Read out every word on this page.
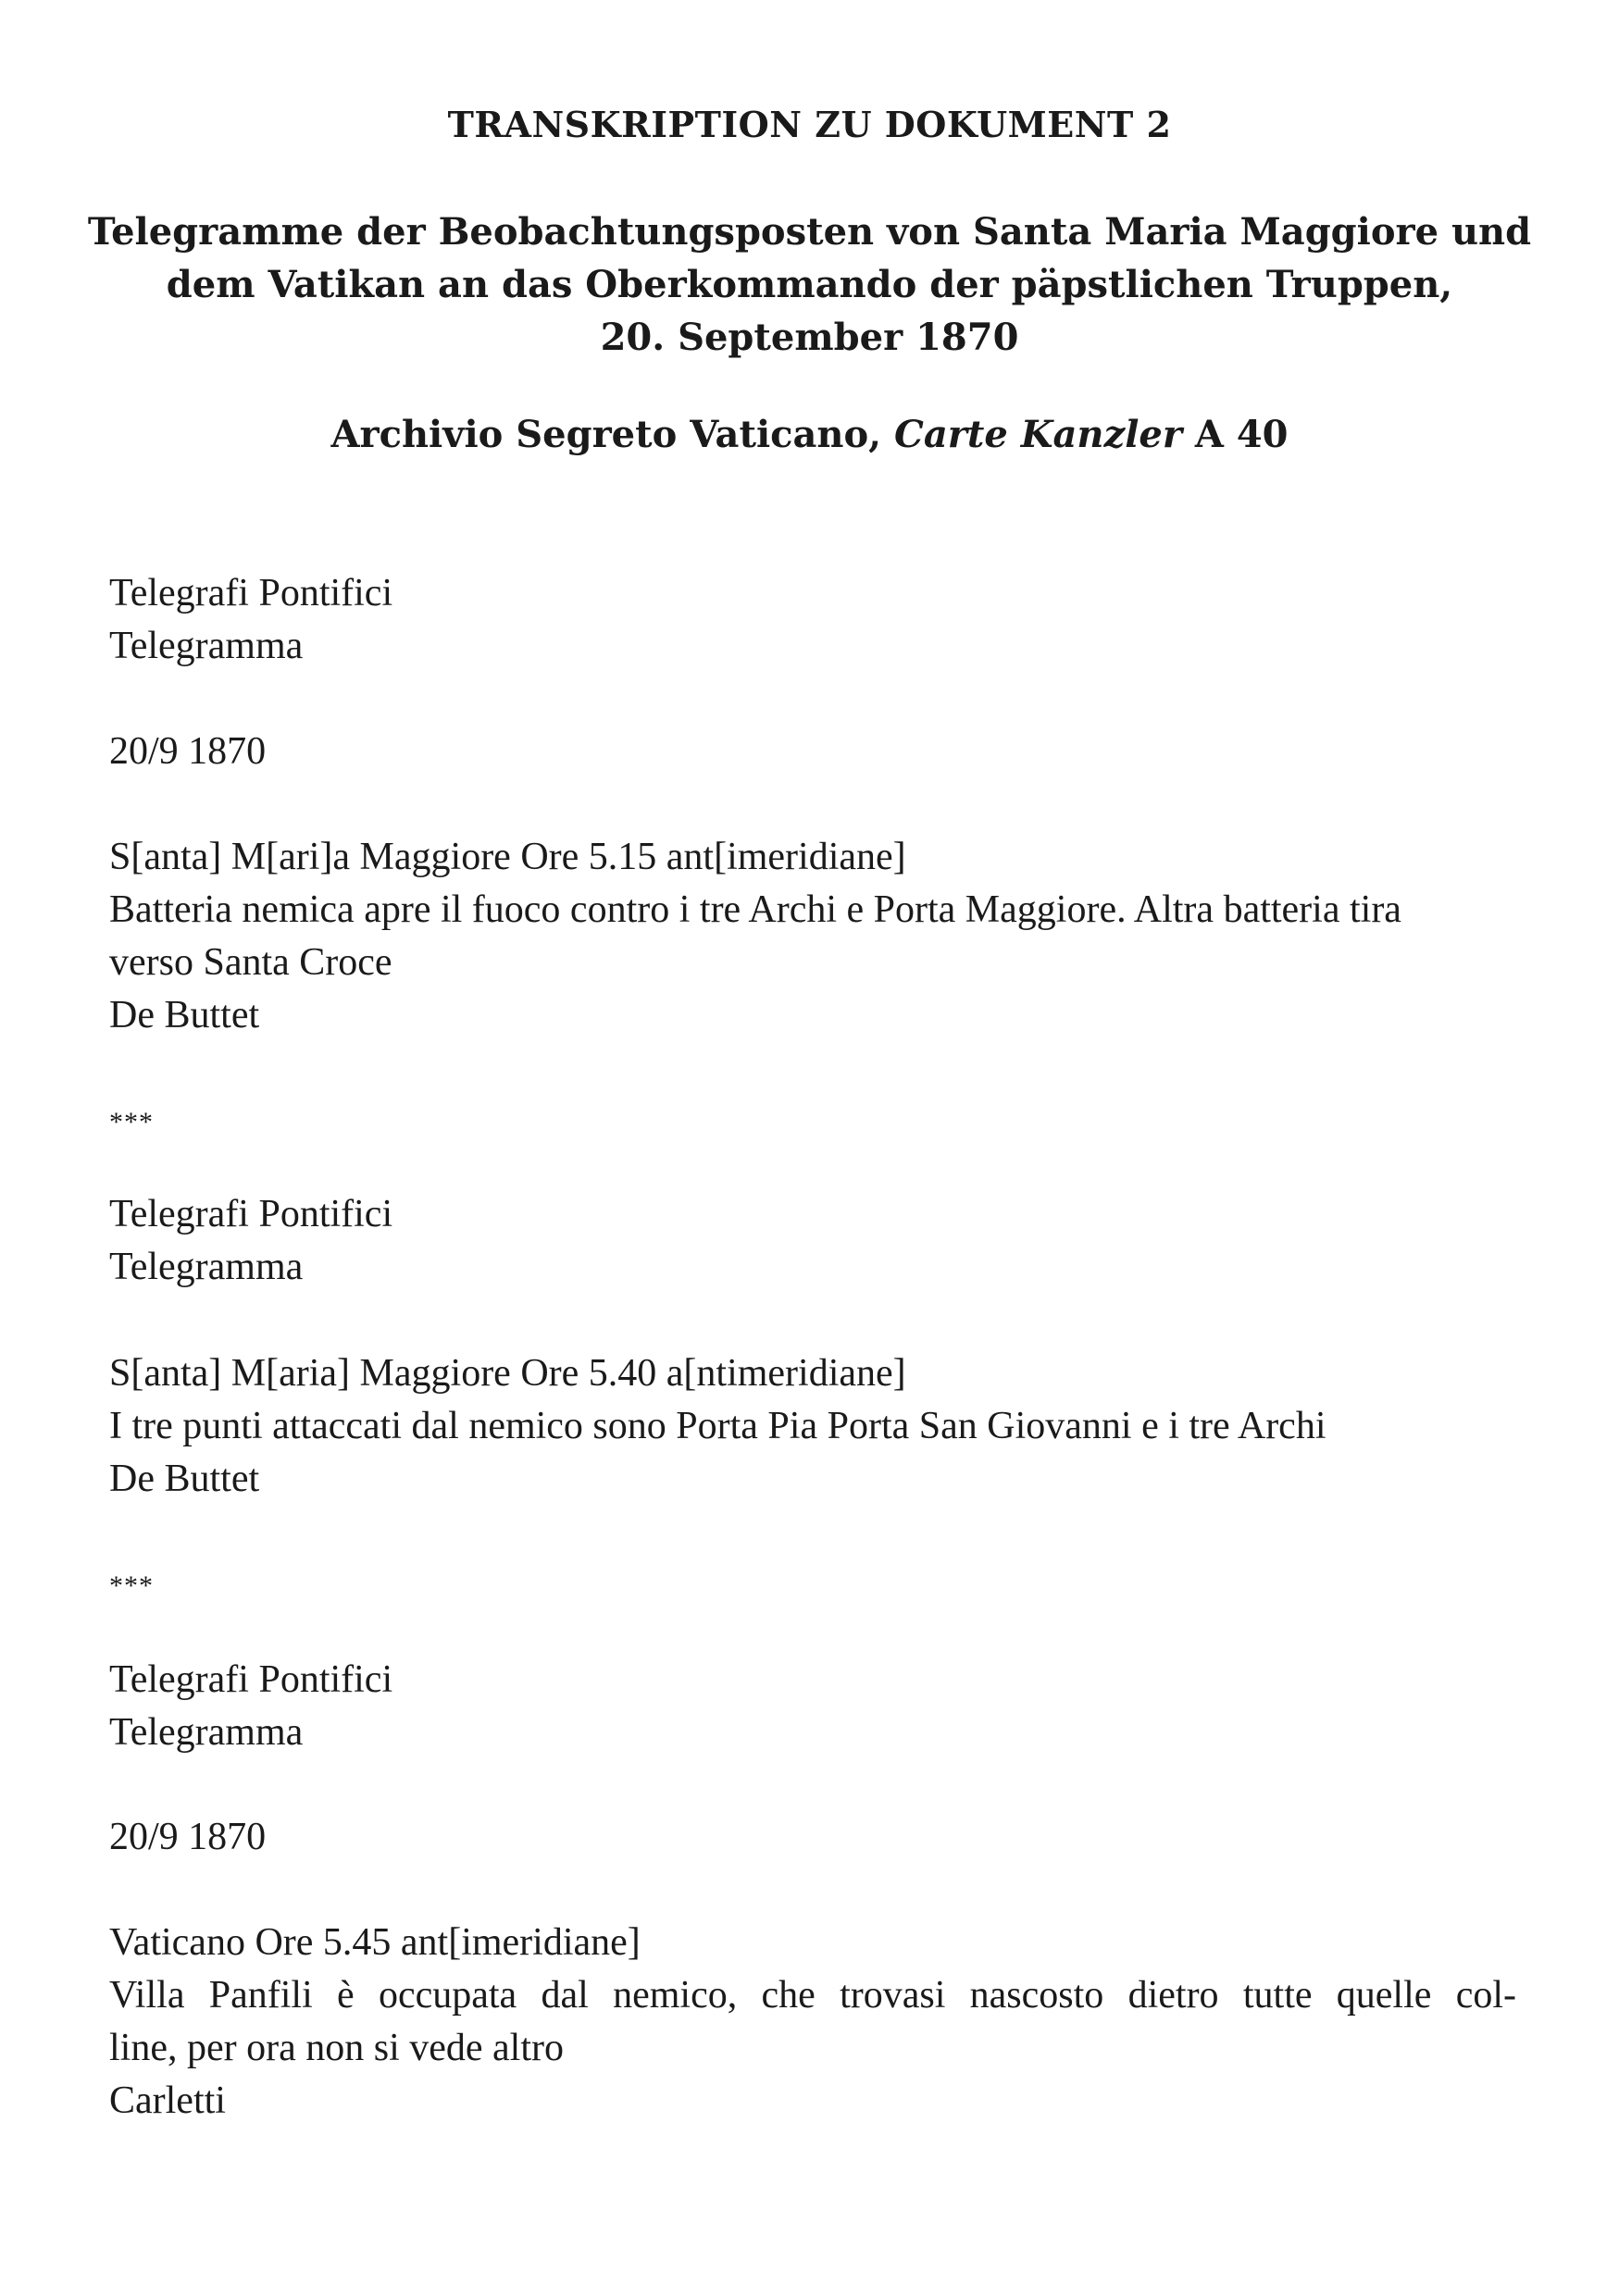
TRANSKRIPTION ZU DOKUMENT 2
Telegramme der Beobachtungsposten von Santa Maria Maggiore und
dem Vatikan an das Oberkommando der päpstlichen Truppen,
20. September 1870
Archivio Segreto Vaticano, Carte Kanzler A 40
Telegrafi Pontifici
Telegramma
20/9 1870
S[anta] M[ari]a Maggiore Ore 5.15 ant[imeridiane]
Batteria nemica apre il fuoco contro i tre Archi e Porta Maggiore. Altra batteria tira
verso Santa Croce
De Buttet
***
Telegrafi Pontifici
Telegramma
S[anta] M[aria] Maggiore Ore 5.40 a[ntimeridiane]
I tre punti attaccati dal nemico sono Porta Pia Porta San Giovanni e i tre Archi
De Buttet
***
Telegrafi Pontifici
Telegramma
20/9 1870
Vaticano Ore 5.45 ant[imeridiane]
Villa Panfili è occupata dal nemico, che trovasi nascosto dietro tutte quelle col-
line, per ora non si vede altro
Carletti
